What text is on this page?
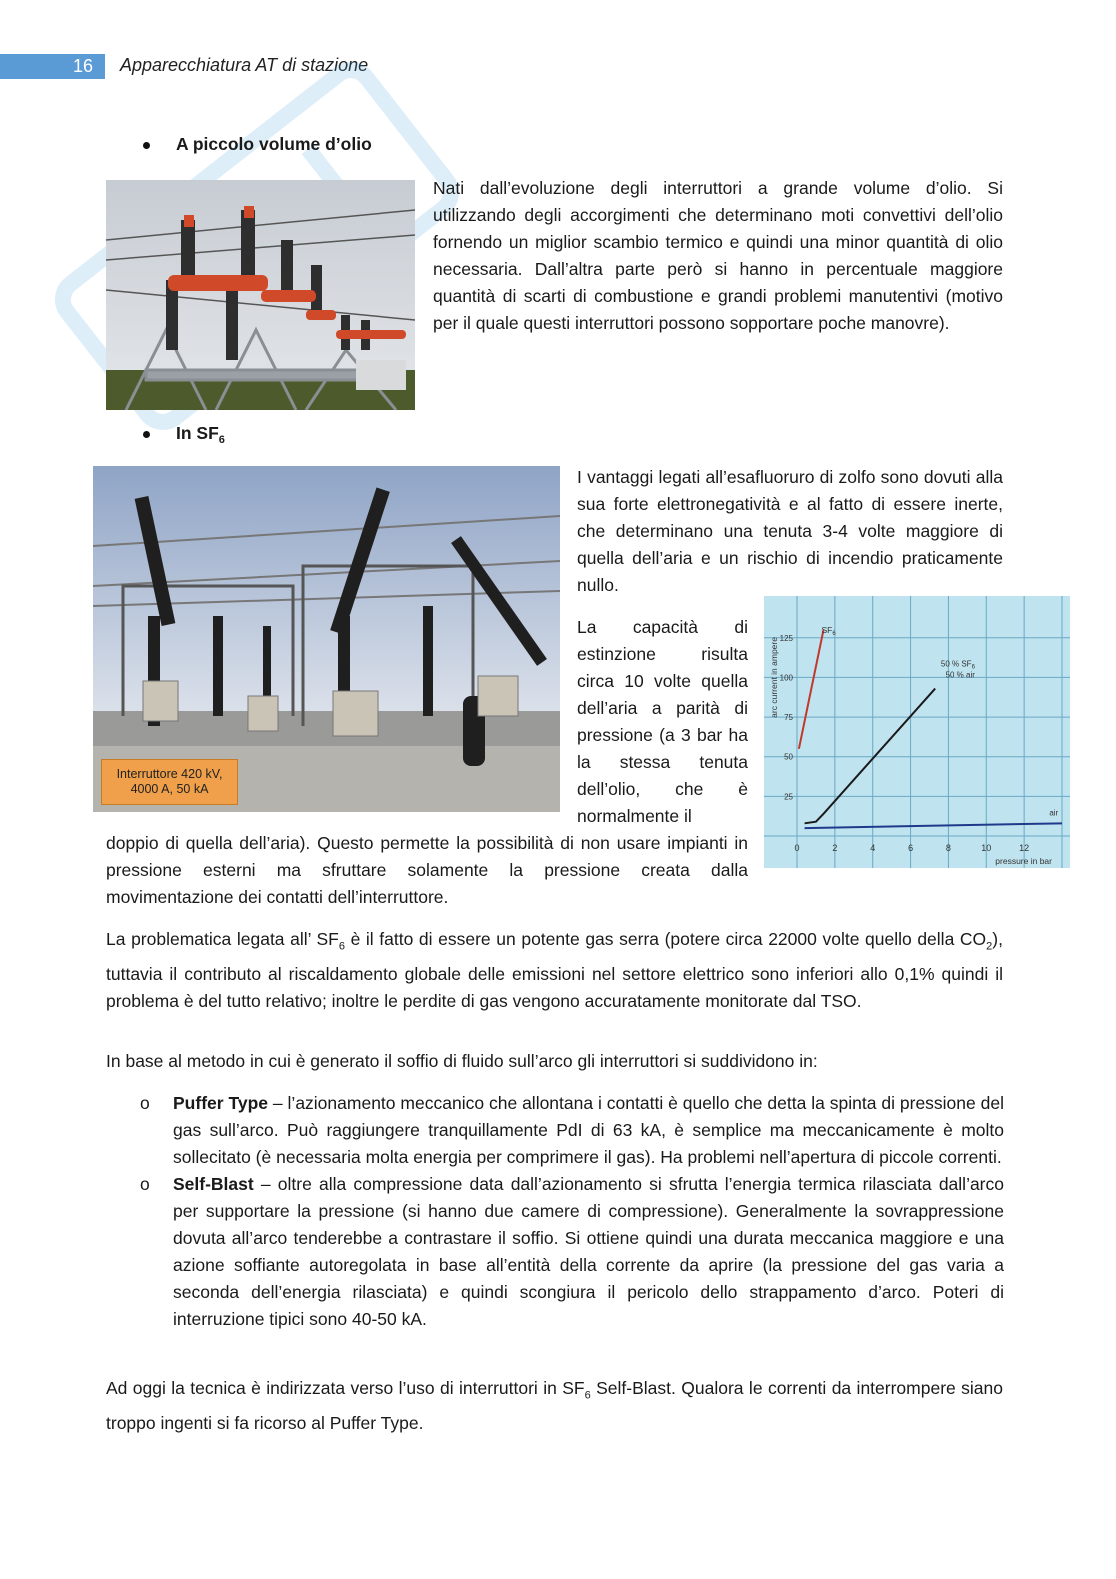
16	Apparecchiatura AT di stazione
A piccolo volume d’olio

Nati dall’evoluzione degli interruttori a grande volume d’olio. Si utilizzando degli accorgimenti che determinano moti convettivi dell’olio fornendo un miglior scambio termico e quindi una minor quantità di olio necessaria. Dall’altra parte però si hanno in percentuale maggiore quantità di scarti di combustione e grandi problemi manutentivi (motivo per il quale questi interruttori possono sopportare poche manovre).

In $SF_6$
Interruttore 420 kV,
4000 A, 50 kA

I vantaggi legati all’esafluoruro di zolfo sono dovuti alla sua forte elettronegatività e al fatto di essere inerte, che determinano una tenuta 3-4 volte maggiore di quella dell’aria e un rischio di incendio praticamente nullo.

La capacità di estinzione risulta circa 10 volte quella dell’aria a parità di pressione (a 3 bar ha la stessa tenuta dell’olio, che è normalmente il

doppio di quella dell’aria). Questo permette la possibilità di non usare impianti in pressione esterni ma sfruttare solamente la pressione creata dalla movimentazione dei contatti dell’interruttore.

0	2	4	6	8	10	12
25
50
75
100
125
$SF_6$
50 % $SF_6$
50 % air
air
pressure in bar
arc current in ampere

La problematica legata all’ $SF_6$ è il fatto di essere un potente gas serra (potere circa 22000 volte quello della $CO_2$), tuttavia il contributo al riscaldamento globale delle emissioni nel settore elettrico sono inferiori allo 0,1% quindi il problema è del tutto relativo; inoltre le perdite di gas vengono accuratamente monitorate dal TSO.

In base al metodo in cui è generato il soffio di fluido sull’arco gli interruttori si suddividono in:

o Puffer Type – l’azionamento meccanico che allontana i contatti è quello che detta la spinta di pressione del gas sull’arco. Può raggiungere tranquillamente PdI di 63 kA, è semplice ma meccanicamente è molto sollecitato (è necessaria molta energia per comprimere il gas). Ha problemi nell’apertura di piccole correnti.

o Self-Blast – oltre alla compressione data dall’azionamento si sfrutta l’energia termica rilasciata dall’arco per supportare la pressione (si hanno due camere di compressione). Generalmente la sovrappressione dovuta all’arco tenderebbe a contrastare il soffio. Si ottiene quindi una durata meccanica maggiore e una azione soffiante autoregolata in base all’entità della corrente da aprire (la pressione del gas varia a seconda dell’energia rilasciata) e quindi scongiura il pericolo dello strappamento d’arco. Poteri di interruzione tipici sono 40-50 kA.

Ad oggi la tecnica è indirizzata verso l’uso di interruttori in $SF_6$ Self-Blast. Qualora le correnti da interrompere siano troppo ingenti si fa ricorso al Puffer Type.
